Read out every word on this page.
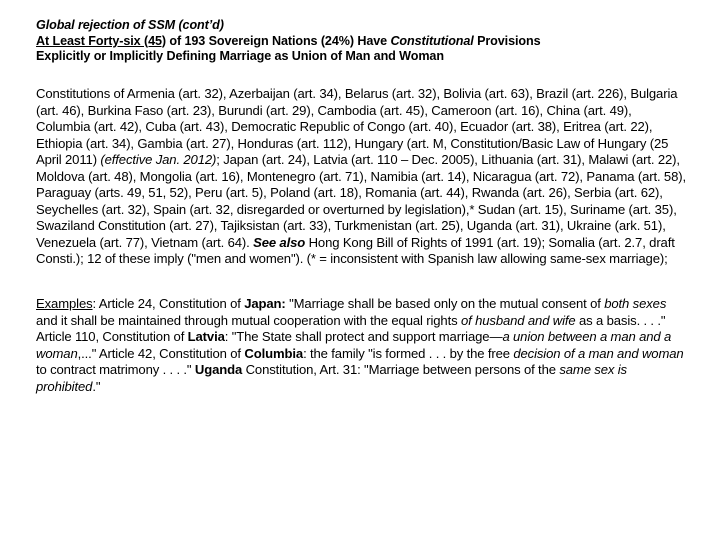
Global rejection of SSM (cont’d)
At Least Forty-six (45) of 193 Sovereign Nations (24%) Have Constitutional Provisions
Explicitly or Implicitly Defining Marriage as Union of Man and Woman

Constitutions of Armenia (art. 32), Azerbaijan (art. 34), Belarus (art. 32), Bolivia (art. 63), Brazil (art. 226), Bulgaria (art. 46), Burkina Faso (art. 23), Burundi (art. 29), Cambodia (art. 45), Cameroon (art. 16), China (art. 49), Columbia (art. 42), Cuba (art. 43), Democratic Republic of Congo (art. 40), Ecuador (art. 38), Eritrea (art. 22), Ethiopia (art. 34), Gambia (art. 27), Honduras (art. 112), Hungary (art. M, Constitution/Basic Law of Hungary (25 April 2011) (effective Jan. 2012); Japan (art. 24), Latvia (art. 110 – Dec. 2005), Lithuania (art. 31), Malawi (art. 22), Moldova (art. 48), Mongolia (art. 16), Montenegro (art. 71), Namibia (art. 14), Nicaragua (art. 72), Panama (art. 58), Paraguay (arts. 49, 51, 52), Peru (art. 5), Poland (art. 18), Romania (art. 44), Rwanda (art. 26), Serbia (art. 62), Seychelles (art. 32), Spain (art. 32, disregarded or overturned by legislation),* Sudan (art. 15), Suriname (art. 35), Swaziland Constitution (art. 27), Tajiksistan (art. 33), Turkmenistan (art. 25), Uganda (art. 31), Ukraine (ark. 51), Venezuela (art. 77), Vietnam (art. 64). See also Hong Kong Bill of Rights of 1991 (art. 19); Somalia (art. 2.7, draft Consti.); 12 of these imply ("men and women"). (* = inconsistent with Spanish law allowing same-sex marriage);

Examples: Article 24, Constitution of Japan: "Marriage shall be based only on the mutual consent of both sexes and it shall be maintained through mutual cooperation with the equal rights of husband and wife as a basis. . . ." Article 110, Constitution of Latvia: "The State shall protect and support marriage—a union between a man and a woman,..." Article 42, Constitution of Columbia: the family "is formed . . . by the free decision of a man and woman to contract matrimony . . . ." Uganda Constitution, Art. 31: "Marriage between persons of the same sex is prohibited."
